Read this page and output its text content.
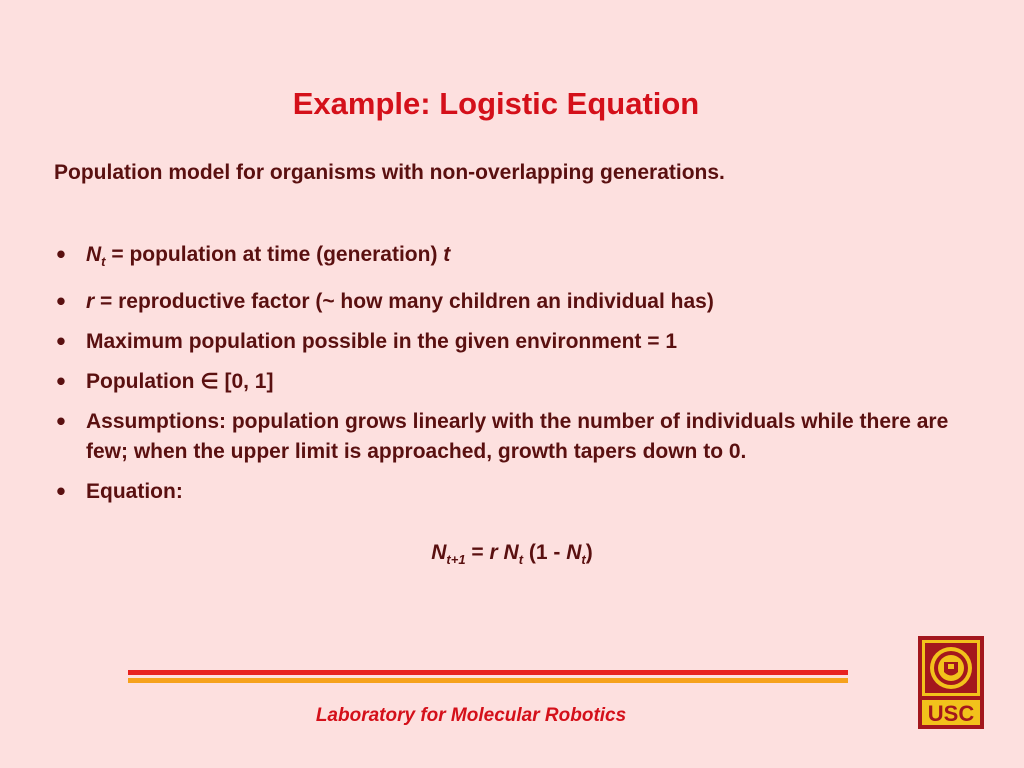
Example: Logistic Equation
Population model for organisms with non-overlapping generations.
• $N_t$ = population at time (generation) t
• r = reproductive factor (~ how many children an individual has)
• Maximum population possible in the given environment = 1
• Population ∈ [0, 1]
• Assumptions: population grows linearly with the number of individuals while there are few; when the upper limit is approached, growth tapers down to 0.
• Equation:
$N_{t+1} = r$ $N_t$ $(1 - N_t)$
Laboratory for Molecular Robotics	USC
